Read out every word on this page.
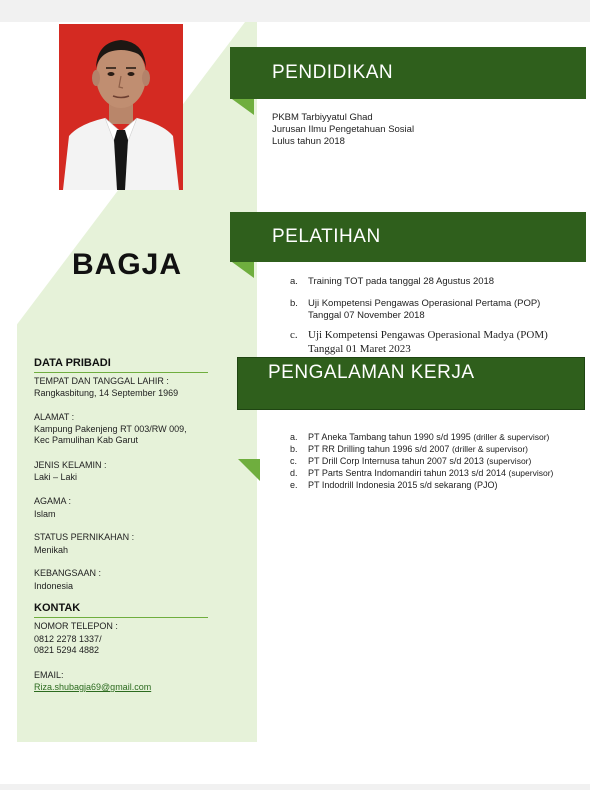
BAGJA
DATA PRIBADI
TEMPAT DAN TANGGAL LAHIR :
Rangkasbitung, 14 September 1969
ALAMAT :
Kampung Pakenjeng RT 003/RW 009,
Kec Pamulihan Kab Garut
JENIS KELAMIN :
Laki – Laki
AGAMA :
Islam
STATUS PERNIKAHAN :
Menikah
KEBANGSAAN :
Indonesia
KONTAK
NOMOR TELEPON :
0812 2278 1337/
0821 5294 4882
EMAIL:
Riza.shubagja69@gmail.com
PENDIDIKAN
PKBM Tarbiyyatul Ghad
Jurusan Ilmu Pengetahuan Sosial
Lulus tahun 2018
PELATIHAN
a. Training TOT pada tanggal 28 Agustus 2018
b. Uji Kompetensi Pengawas Operasional Pertama (POP)
Tanggal 07 November 2018
c. Uji Kompetensi Pengawas Operasional Madya (POM)
Tanggal 01 Maret 2023
PENGALAMAN KERJA
a. PT Aneka Tambang tahun 1990 s/d 1995 (driller & supervisor)
b. PT RR Drilling tahun 1996 s/d 2007 (driller & supervisor)
c. PT Drill Corp Internusa tahun 2007 s/d 2013 (supervisor)
d. PT Parts Sentra Indomandiri tahun 2013 s/d 2014 (supervisor)
e. PT Indodrill Indonesia 2015 s/d sekarang (PJO)
